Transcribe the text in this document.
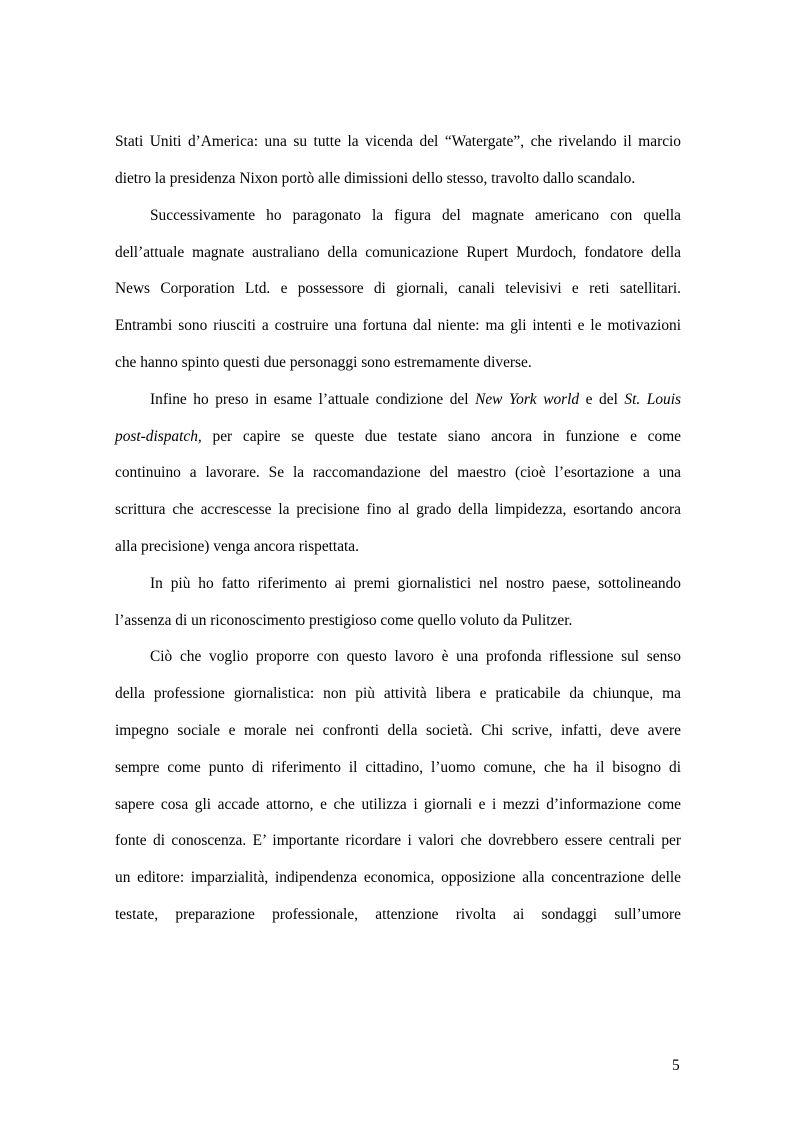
Stati Uniti d’America: una su tutte la vicenda del “Watergate”, che rivelando il marcio

dietro la presidenza Nixon portò alle dimissioni dello stesso, travolto dallo scandalo.

Successivamente ho paragonato la figura del magnate americano con quella

dell’attuale magnate australiano della comunicazione Rupert Murdoch, fondatore della

News Corporation Ltd. e possessore di giornali, canali televisivi e reti satellitari.

Entrambi sono riusciti a costruire una fortuna dal niente: ma gli intenti e le motivazioni

che hanno spinto questi due personaggi sono estremamente diverse.

Infine ho preso in esame l’attuale condizione del New York world e del St. Louis

post-dispatch, per capire se queste due testate siano ancora in funzione e come

continuino a lavorare. Se la raccomandazione del maestro (cioè l’esortazione a una

scrittura che accrescesse la precisione fino al grado della limpidezza, esortando ancora

alla precisione) venga ancora rispettata.

In più ho fatto riferimento ai premi giornalistici nel nostro paese, sottolineando

l’assenza di un riconoscimento prestigioso come quello voluto da Pulitzer.

Ciò che voglio proporre con questo lavoro è una profonda riflessione sul senso

della professione giornalistica: non più attività libera e praticabile da chiunque, ma

impegno sociale e morale nei confronti della società. Chi scrive, infatti, deve avere

sempre come punto di riferimento il cittadino, l’uomo comune, che ha il bisogno di

sapere cosa gli accade attorno, e che utilizza i giornali e i mezzi d’informazione come

fonte di conoscenza. E’ importante ricordare i valori che dovrebbero essere centrali per

un editore: imparzialità, indipendenza economica, opposizione alla concentrazione delle

testate, preparazione professionale, attenzione rivolta ai sondaggi sull’umore

5
